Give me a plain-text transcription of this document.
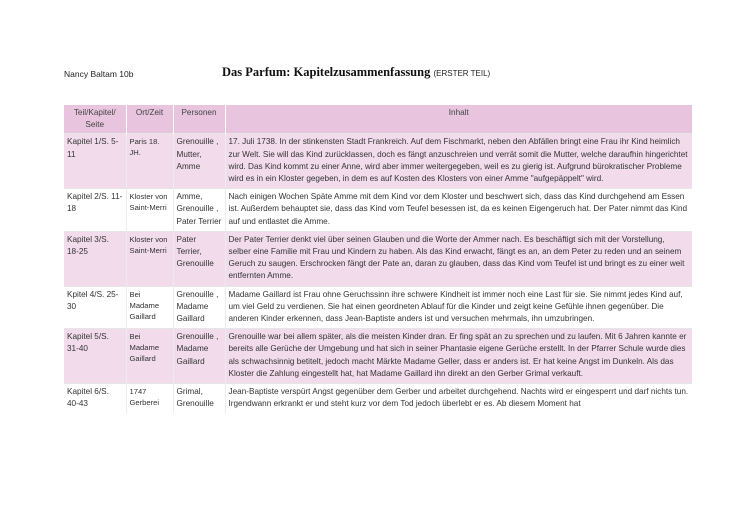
Nancy Baltam 10b	Das Parfum: Kapitelzusammenfassung (ERSTER TEIL)
Teil/Kapitel/ Seite	Ort/Zeit	Personen	Inhalt
Kapitel 1/S. 5-11	Paris 18. JH.	Grenouille , Mutter, Amme	17. Juli 1738. In der stinkensten Stadt Frankreich. Auf dem Fischmarkt, neben den Abfällen bringt eine Frau ihr Kind heimlich zur Welt. Sie will das Kind zurücklassen, doch es fängt anzuschreien und verrät somit die Mutter, welche daraufhin hingerichtet wird. Das Kind kommt zu einer Anne, wird aber immer weitergegeben, weil es zu gierig ist. Aufgrund bürokratischer Probleme wird es in ein Kloster gegeben, in dem es auf Kosten des Klosters von einer Amme "aufgepäppelt" wird.
Kapitel 2/S. 11-18	Kloster von Saint-Merri	Amme, Grenouille , Pater Terrier	Nach einigen Wochen Späte Amme mit dem Kind vor dem Kloster und beschwert sich, dass das Kind durchgehend am Essen ist. Außerdem behauptet sie, dass das Kind vom Teufel besessen ist, da es keinen Eigengeruch hat. Der Pater nimmt das Kind auf und entlastet die Amme.
Kapitel 3/S. 18-25	Kloster von Saint-Merri	Pater Terrier, Grenouille	Der Pater Terrier denkt viel über seinen Glauben und die Worte der Ammer nach. Es beschäftigt sich mit der Vorstellung, selber eine Familie mit Frau und Kindern zu haben. Als das Kind erwacht, fängt es an, an dem Peter zu reden und an seinem Geruch zu saugen. Erschrocken fängt der Pate an, daran zu glauben, dass das Kind vom Teufel ist und bringt es zu einer weit entfernten Amme.
Kpitel 4/S. 25-30	Bei Madame Gaillard	Grenouille , Madame Gaillard	Madame Gaillard ist Frau ohne Geruchssinn ihre schwere Kindheit ist immer noch eine Last für sie. Sie nimmt jedes Kind auf, um viel Geld zu verdienen. Sie hat einen geordneten Ablauf für die Kinder und zeigt keine Gefühle ihnen gegenüber. Die anderen Kinder erkennen, dass Jean-Baptiste anders ist und versuchen mehrmals, ihn umzubringen.
Kapitel 5/S. 31-40	Bei Madame Gaillard	Grenouille , Madame Gaillard	Grenouille war bei allem später, als die meisten Kinder dran. Er fing spät an zu sprechen und zu laufen. Mit 6 Jahren kannte er bereits alle Gerüche der Umgebung und hat sich in seiner Phantasie eigene Gerüche erstellt. In der Pfarrer Schule wurde dies als schwachsinnig betitelt, jedoch macht Märkte Madame Geller, dass er anders ist. Er hat keine Angst im Dunkeln. Als das Kloster die Zahlung eingestellt hat, hat Madame Gaillard ihn direkt an den Gerber Grimal verkauft.
Kapitel 6/S. 40-43	1747 Gerberei	Grimal, Grenouille	Jean-Baptiste verspürt Angst gegenüber dem Gerber und arbeitet durchgehend. Nachts wird er eingesperrt und darf nichts tun. Irgendwann erkrankt er und steht kurz vor dem Tod jedoch überlebt er es. Ab diesem Moment hat
